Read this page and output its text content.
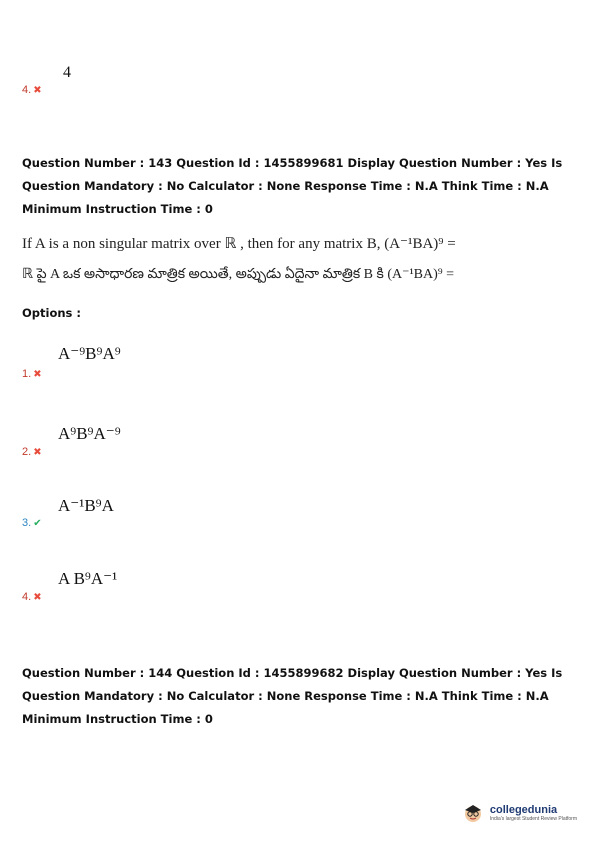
4
4. ✖
Question Number : 143 Question Id : 1455899681 Display Question Number : Yes Is Question Mandatory : No Calculator : None Response Time : N.A Think Time : N.A Minimum Instruction Time : 0
If A is a non singular matrix over ℝ , then for any matrix B, (A⁻¹BA)⁹ =
ℝ పై A ఒక అసాధారణ మాత్రిక అయితే, అప్పుడు ఏదైనా మాత్రిక B కి (A⁻¹BA)⁹ =
Options :
A⁻⁹B⁹A⁹
1. ✖
A⁹B⁹A⁻⁹
2. ✖
A⁻¹B⁹A
3. ✔
A B⁹A⁻¹
4. ✖
Question Number : 144 Question Id : 1455899682 Display Question Number : Yes Is Question Mandatory : No Calculator : None Response Time : N.A Think Time : N.A Minimum Instruction Time : 0
collegedunia
India's largest Student Review Platform
